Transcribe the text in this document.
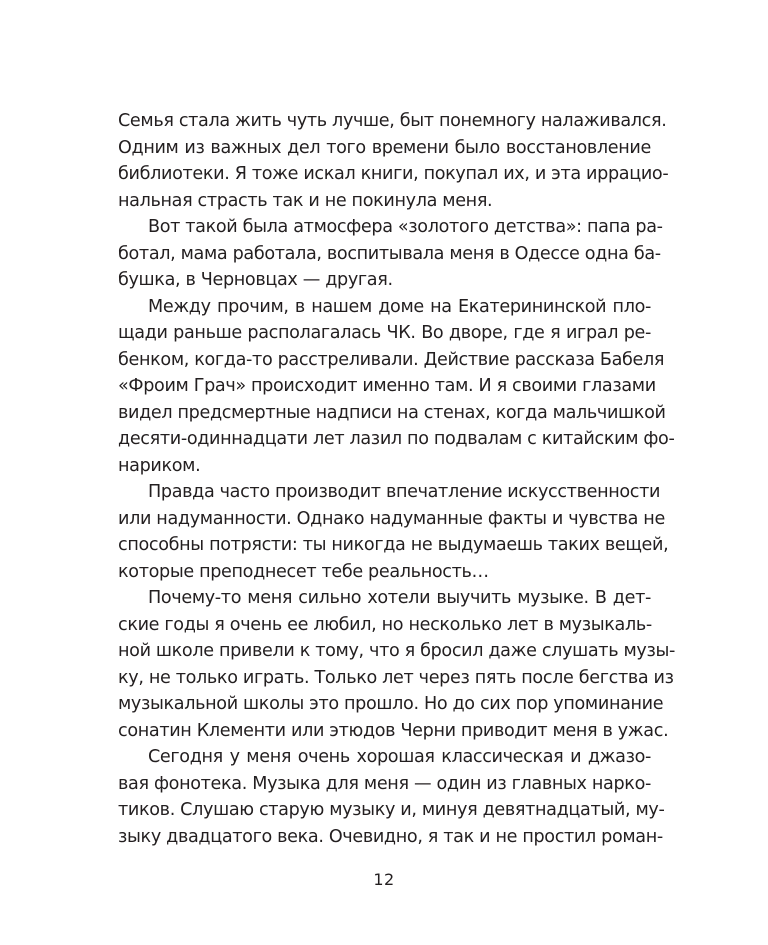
Семья стала жить чуть лучше, быт понемногу налаживался.
Одним из важных дел того времени было восстановление
библиотеки. Я тоже искал книги, покупал их, и эта иррацио-
нальная страсть так и не покинула меня.
Вот такой была атмосфера «золотого детства»: папа ра-
ботал, мама работала, воспитывала меня в Одессе одна ба-
бушка, в Черновцах — другая.
Между прочим, в нашем доме на Екатерининской пло-
щади раньше располагалась ЧК. Во дворе, где я играл ре-
бенком, когда-то расстреливали. Действие рассказа Бабеля
«Фроим Грач» происходит именно там. И я своими глазами
видел предсмертные надписи на стенах, когда мальчишкой
десяти-одиннадцати лет лазил по подвалам с китайским фо-
нариком.
Правда часто производит впечатление искусственности
или надуманности. Однако надуманные факты и чувства не
способны потрясти: ты никогда не выдумаешь таких вещей,
которые преподнесет тебе реальность…
Почему-то меня сильно хотели выучить музыке. В дет-
ские годы я очень ее любил, но несколько лет в музыкаль-
ной школе привели к тому, что я бросил даже слушать музы-
ку, не только играть. Только лет через пять после бегства из
музыкальной школы это прошло. Но до сих пор упоминание
сонатин Клементи или этюдов Черни приводит меня в ужас.
Сегодня у меня очень хорошая классическая и джазо-
вая фонотека. Музыка для меня — один из главных нарко-
тиков. Слушаю старую музыку и, минуя девятнадцатый, му-
зыку двадцатого века. Очевидно, я так и не простил роман-
12
